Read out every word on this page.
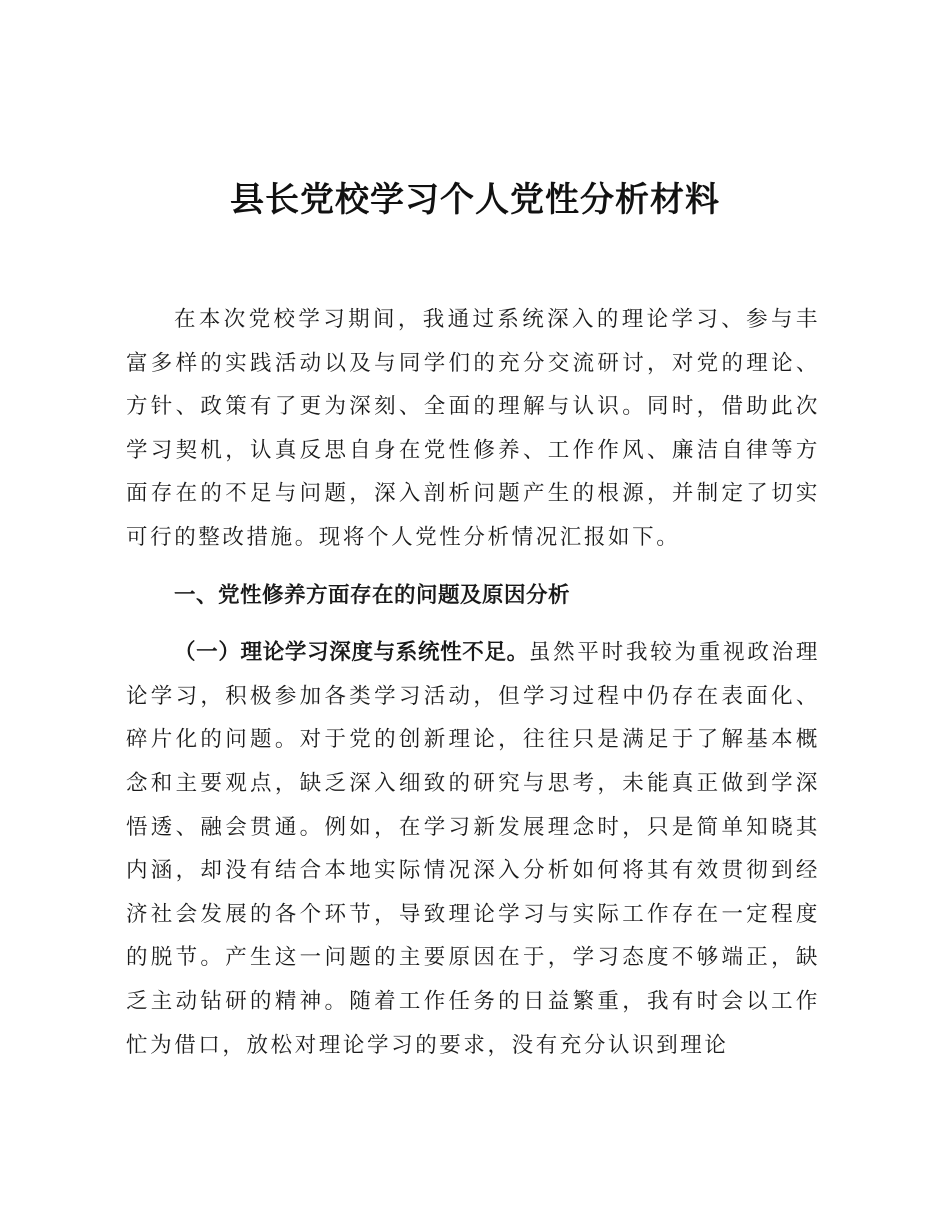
县长党校学习个人党性分析材料

在本次党校学习期间，我通过系统深入的理论学习、参与丰富多样的实践活动以及与同学们的充分交流研讨，对党的理论、方针、政策有了更为深刻、全面的理解与认识。同时，借助此次学习契机，认真反思自身在党性修养、工作作风、廉洁自律等方面存在的不足与问题，深入剖析问题产生的根源，并制定了切实可行的整改措施。现将个人党性分析情况汇报如下。

一、党性修养方面存在的问题及原因分析

（一）理论学习深度与系统性不足。虽然平时我较为重视政治理论学习，积极参加各类学习活动，但学习过程中仍存在表面化、碎片化的问题。对于党的创新理论，往往只是满足于了解基本概念和主要观点，缺乏深入细致的研究与思考，未能真正做到学深悟透、融会贯通。例如，在学习新发展理念时，只是简单知晓其内涵，却没有结合本地实际情况深入分析如何将其有效贯彻到经济社会发展的各个环节，导致理论学习与实际工作存在一定程度的脱节。产生这一问题的主要原因在于，学习态度不够端正，缺乏主动钻研的精神。随着工作任务的日益繁重，我有时会以工作忙为借口，放松对理论学习的要求，没有充分认识到理论
